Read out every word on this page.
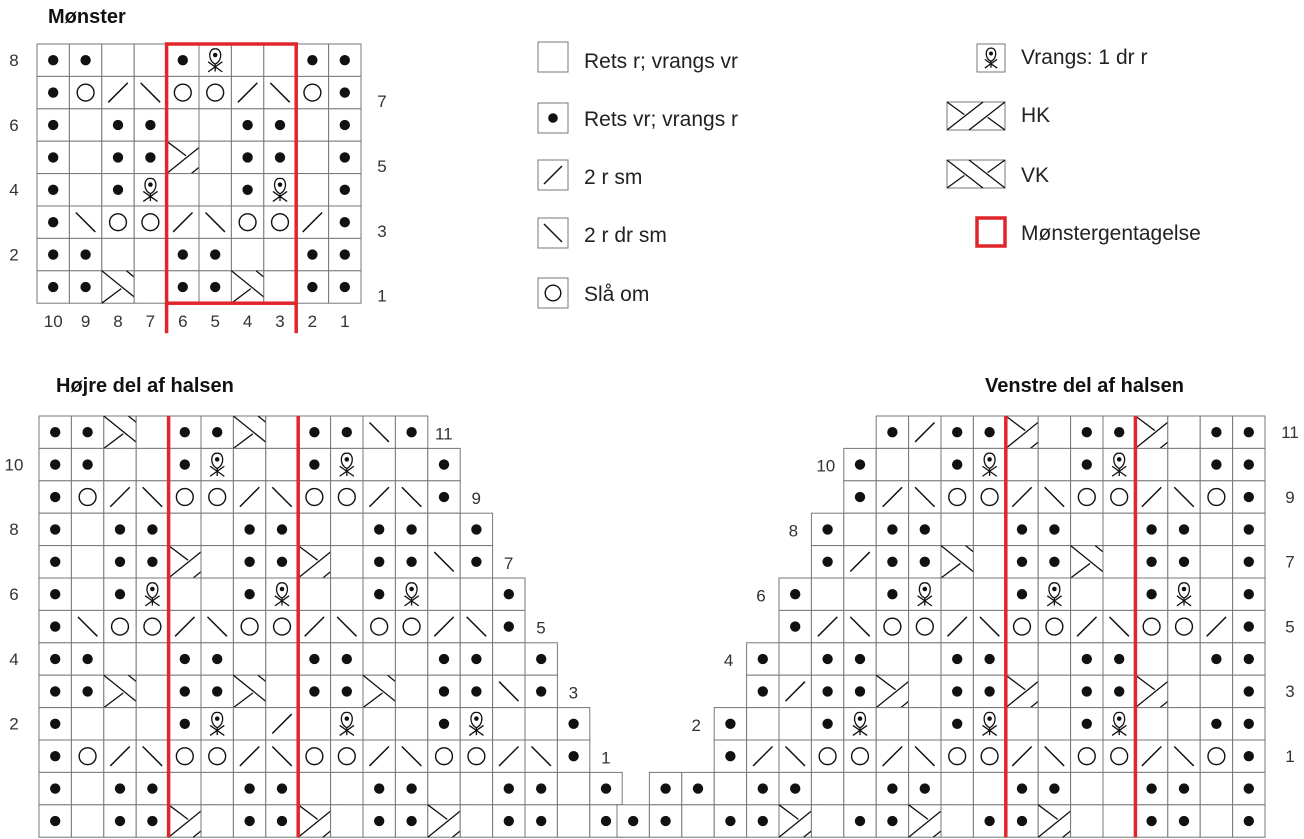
8
6
4
2
7
5
3
1
10 9 8 7 6 5 4 3 2 1
10
8
6
4
2
11
9
7
5
3
1
11
9
7
5
3
1
10
8
6
4
2
Mønster
Højre del af halsen	Venstre del af halsen
Rets r; vrangs vr
Rets vr; vrangs r
2 r sm
2 r dr sm
Slå om
Vrangs: 1 dr r
HK
VK
Mønstergentagelse
